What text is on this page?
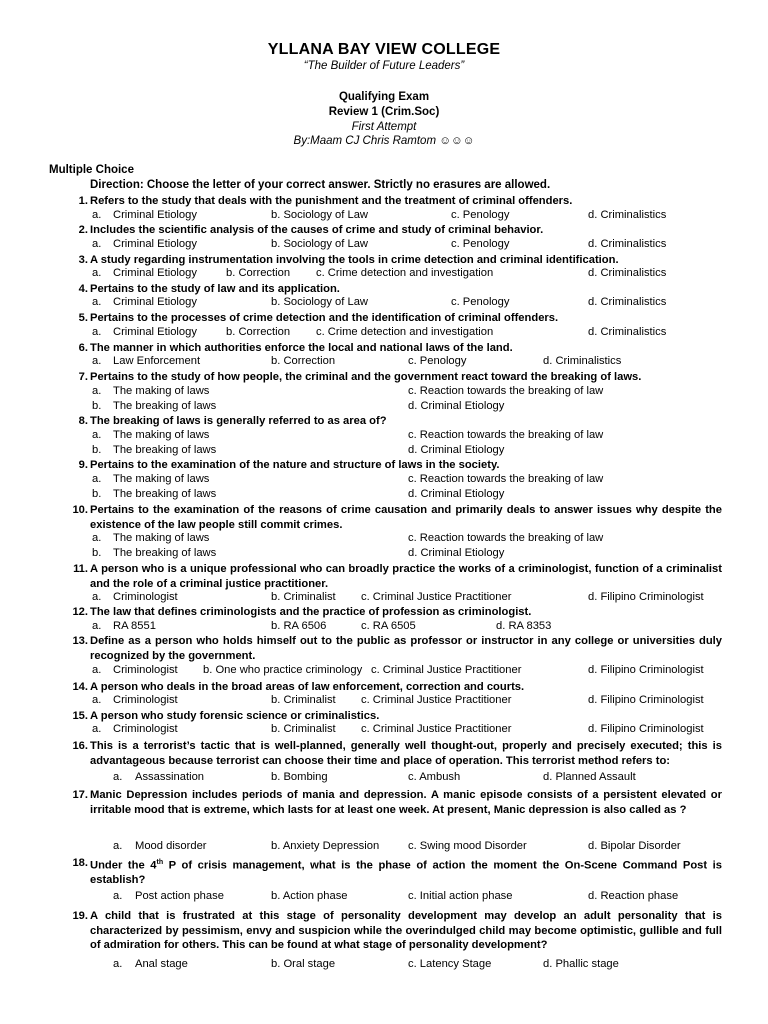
YLLANA BAY VIEW COLLEGE
“The Builder of Future Leaders”
Qualifying Exam
Review 1 (Crim.Soc)
First Attempt
By:Maam CJ Chris Ramtom ☺☺☺
Multiple Choice
Direction: Choose the letter of your correct answer. Strictly no erasures are allowed.
1. Refers to the study that deals with the punishment and the treatment of criminal offenders.
a. Criminal Etiology	b. Sociology of Law	c. Penology	d. Criminalistics
2. Includes the scientific analysis of the causes of crime and study of criminal behavior.
a. Criminal Etiology	b. Sociology of Law	c. Penology	d. Criminalistics
3. A study regarding instrumentation involving the tools in crime detection and criminal identification.
a. Criminal Etiology	b. Correction c. Crime detection and investigation	d. Criminalistics
4. Pertains to the study of law and its application.
a. Criminal Etiology	b. Sociology of Law	c. Penology	d. Criminalistics
5. Pertains to the processes of crime detection and the identification of criminal offenders.
a. Criminal Etiology	b. Correction c. Crime detection and investigation	d. Criminalistics
6. The manner in which authorities enforce the local and national laws of the land.
a. Law Enforcement	b. Correction	c. Penology	d. Criminalistics
7. Pertains to the study of how people, the criminal and the government react toward the breaking of laws.
a. The making of laws	c. Reaction towards the breaking of law
b. The breaking of laws	d. Criminal Etiology
8. The breaking of laws is generally referred to as area of?
a. The making of laws	c. Reaction towards the breaking of law
b. The breaking of laws	d. Criminal Etiology
9. Pertains to the examination of the nature and structure of laws in the society.
a. The making of laws	c. Reaction towards the breaking of law
b. The breaking of laws	d. Criminal Etiology
10. Pertains to the examination of the reasons of crime causation and primarily deals to answer issues why despite the existence of the law people still commit crimes.
a. The making of laws	c. Reaction towards the breaking of law
b. The breaking of laws	d. Criminal Etiology
11. A person who is a unique professional who can broadly practice the works of a criminologist, function of a criminalist and the role of a criminal justice practitioner.
a. Criminologist	b. Criminalist c. Criminal Justice Practitioner	d. Filipino Criminologist
12. The law that defines criminologists and the practice of profession as criminologist.
a. RA 8551	b. RA 6506	c. RA 6505	d. RA 8353
13. Define as a person who holds himself out to the public as professor or instructor in any college or universities duly recognized by the government.
a. Criminologist b. One who practice criminology c. Criminal Justice Practitioner	d. Filipino Criminologist
14. A person who deals in the broad areas of law enforcement, correction and courts.
a. Criminologist	b. Criminalist c. Criminal Justice Practitioner	d. Filipino Criminologist
15. A person who study forensic science or criminalistics.
a. Criminologist	b. Criminalist c. Criminal Justice Practitioner	d. Filipino Criminologist
16. This is a terrorist’s tactic that is well-planned, generally well thought-out, properly and precisely executed; this is advantageous because terrorist can choose their time and place of operation. This terrorist method refers to:
a. Assassination	b. Bombing	c. Ambush	d. Planned Assault
17. Manic Depression includes periods of mania and depression. A manic episode consists of a persistent elevated or irritable mood that is extreme, which lasts for at least one week. At present, Manic depression is also called as ?
a. Mood disorder	b. Anxiety Depression	c. Swing mood Disorder	d. Bipolar Disorder
18. Under the 4th P of crisis management, what is the phase of action the moment the On-Scene Command Post is establish?
a. Post action phase	b. Action phase	c. Initial action phase	d. Reaction phase
19. A child that is frustrated at this stage of personality development may develop an adult personality that is characterized by pessimism, envy and suspicion while the overindulged child may become optimistic, gullible and full of admiration for others. This can be found at what stage of personality development?
a. Anal stage	b. Oral stage	c. Latency Stage	d. Phallic stage
